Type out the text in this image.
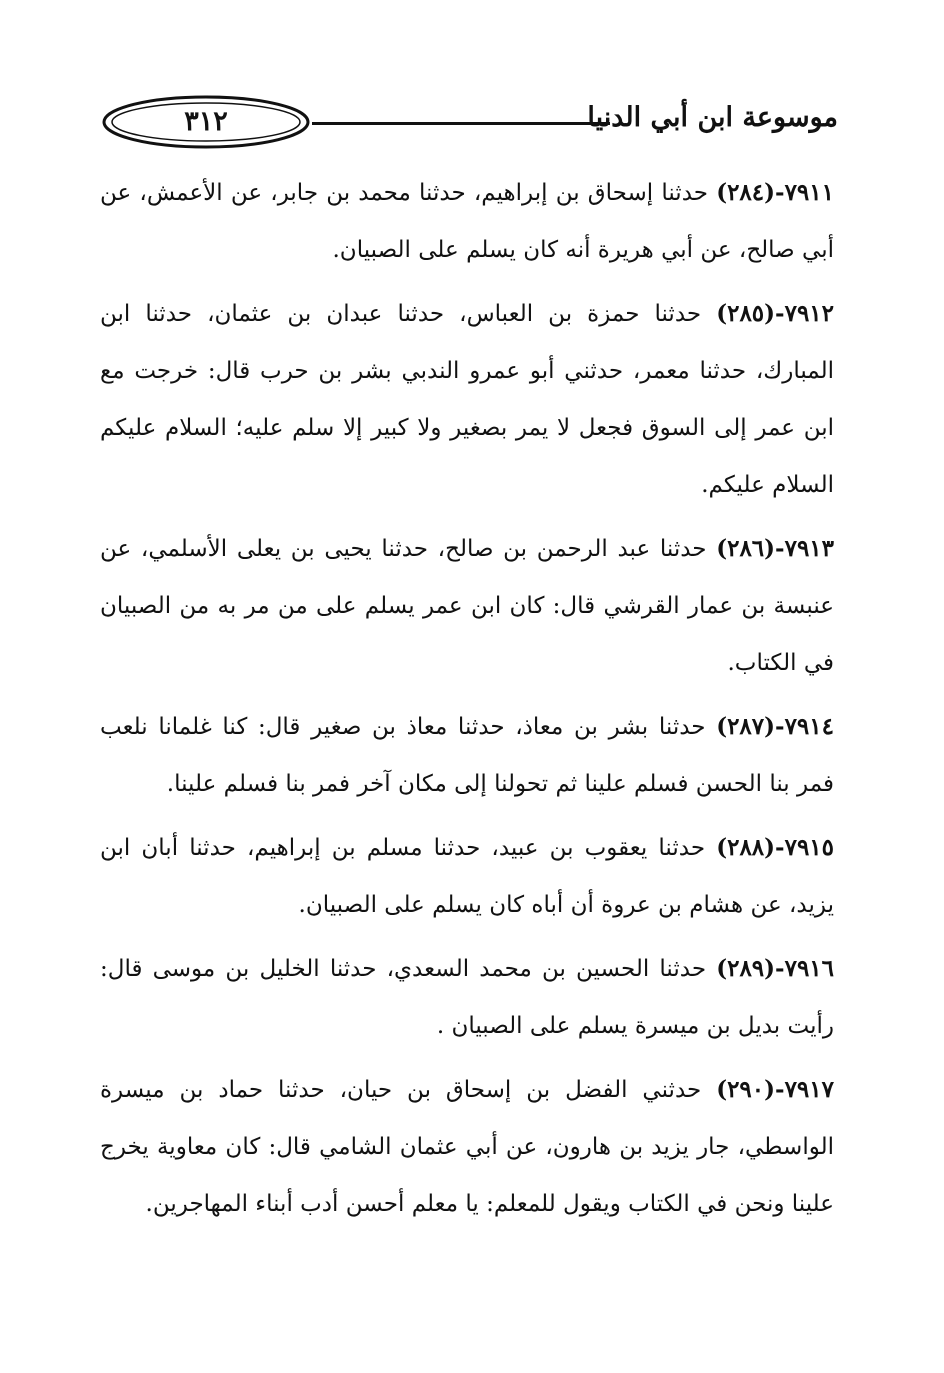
٣١٢	موسوعة ابن أبي الدنيا

٧٩١١-(٢٨٤) حدثنا إسحاق بن إبراهيم، حدثنا محمد بن جابر، عن الأعمش، عن أبي صالح، عن أبي هريرة أنه كان يسلم على الصبيان.

٧٩١٢-(٢٨٥) حدثنا حمزة بن العباس، حدثنا عبدان بن عثمان، حدثنا ابن المبارك، حدثنا معمر، حدثني أبو عمرو الندبي بشر بن حرب قال: خرجت مع ابن عمر إلى السوق فجعل لا يمر بصغير ولا كبير إلا سلم عليه؛ السلام عليكم السلام عليكم.

٧٩١٣-(٢٨٦) حدثنا عبد الرحمن بن صالح، حدثنا يحيى بن يعلى الأسلمي، عن عنبسة بن عمار القرشي قال: كان ابن عمر يسلم على من مر به من الصبيان في الكتاب.

٧٩١٤-(٢٨٧) حدثنا بشر بن معاذ، حدثنا معاذ بن صغير قال: كنا غلمانا نلعب فمر بنا الحسن فسلم علينا ثم تحولنا إلى مكان آخر فمر بنا فسلم علينا.

٧٩١٥-(٢٨٨) حدثنا يعقوب بن عبيد، حدثنا مسلم بن إبراهيم، حدثنا أبان ابن يزيد، عن هشام بن عروة أن أباه كان يسلم على الصبيان.

٧٩١٦-(٢٨٩) حدثنا الحسين بن محمد السعدي، حدثنا الخليل بن موسى قال: رأيت بديل بن ميسرة يسلم على الصبيان .

٧٩١٧-(٢٩٠) حدثني الفضل بن إسحاق بن حيان، حدثنا حماد بن ميسرة الواسطي، جار يزيد بن هارون، عن أبي عثمان الشامي قال: كان معاوية يخرج علينا ونحن في الكتاب ويقول للمعلم: يا معلم أحسن أدب أبناء المهاجرين.
